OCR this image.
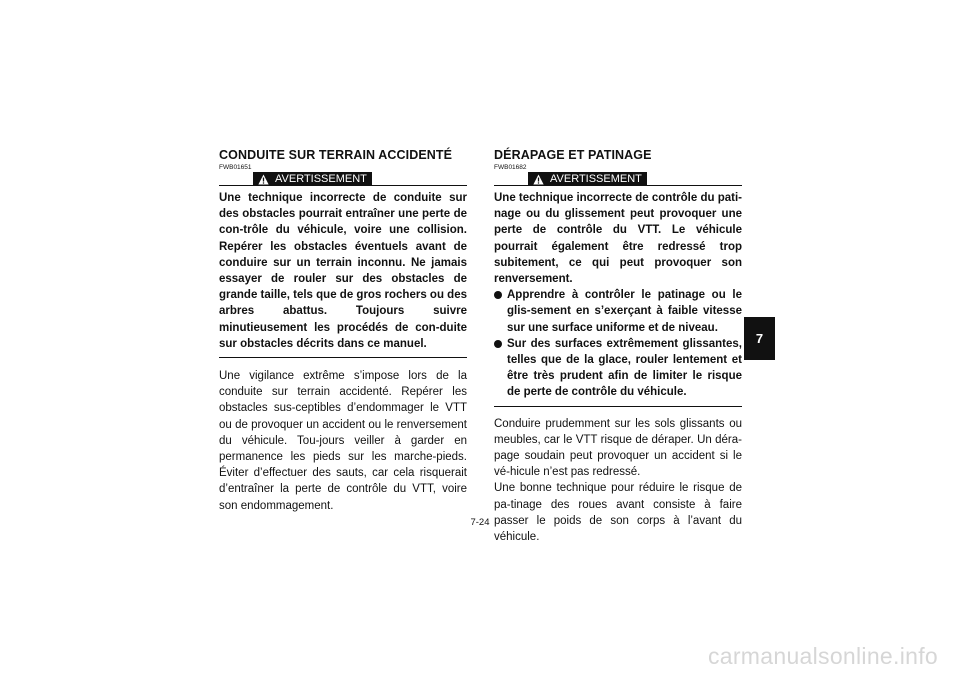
CONDUITE SUR TERRAIN ACCIDENTÉ
FWB01651
AVERTISSEMENT

Une technique incorrecte de conduite sur des obstacles pourrait entraîner une perte de con-trôle du véhicule, voire une collision. Repérer les obstacles éventuels avant de conduire sur un terrain inconnu. Ne jamais essayer de rouler sur des obstacles de grande taille, tels que de gros rochers ou des arbres abattus. Toujours suivre minutieusement les procédés de con-duite sur obstacles décrits dans ce manuel.

Une vigilance extrême s’impose lors de la conduite sur terrain accidenté. Repérer les obstacles sus-ceptibles d’endommager le VTT ou de provoquer un accident ou le renversement du véhicule. Tou-jours veiller à garder en permanence les pieds sur les marche-pieds. Éviter d’effectuer des sauts, car cela risquerait d’entraîner la perte de contrôle du VTT, voire son endommagement.

DÉRAPAGE ET PATINAGE
FWB01682
AVERTISSEMENT

Une technique incorrecte de contrôle du pati-nage ou du glissement peut provoquer une perte de contrôle du VTT. Le véhicule pourrait également être redressé trop subitement, ce qui peut provoquer son renversement.

Apprendre à contrôler le patinage ou le glis-sement en s’exerçant à faible vitesse sur une surface uniforme et de niveau.
Sur des surfaces extrêmement glissantes, telles que de la glace, rouler lentement et être très prudent afin de limiter le risque de perte de contrôle du véhicule.

Conduire prudemment sur les sols glissants ou meubles, car le VTT risque de déraper. Un déra-page soudain peut provoquer un accident si le vé-hicule n’est pas redressé.
Une bonne technique pour réduire le risque de pa-tinage des roues avant consiste à faire passer le poids de son corps à l’avant du véhicule.

7
7-24
carmanualsonline.info
